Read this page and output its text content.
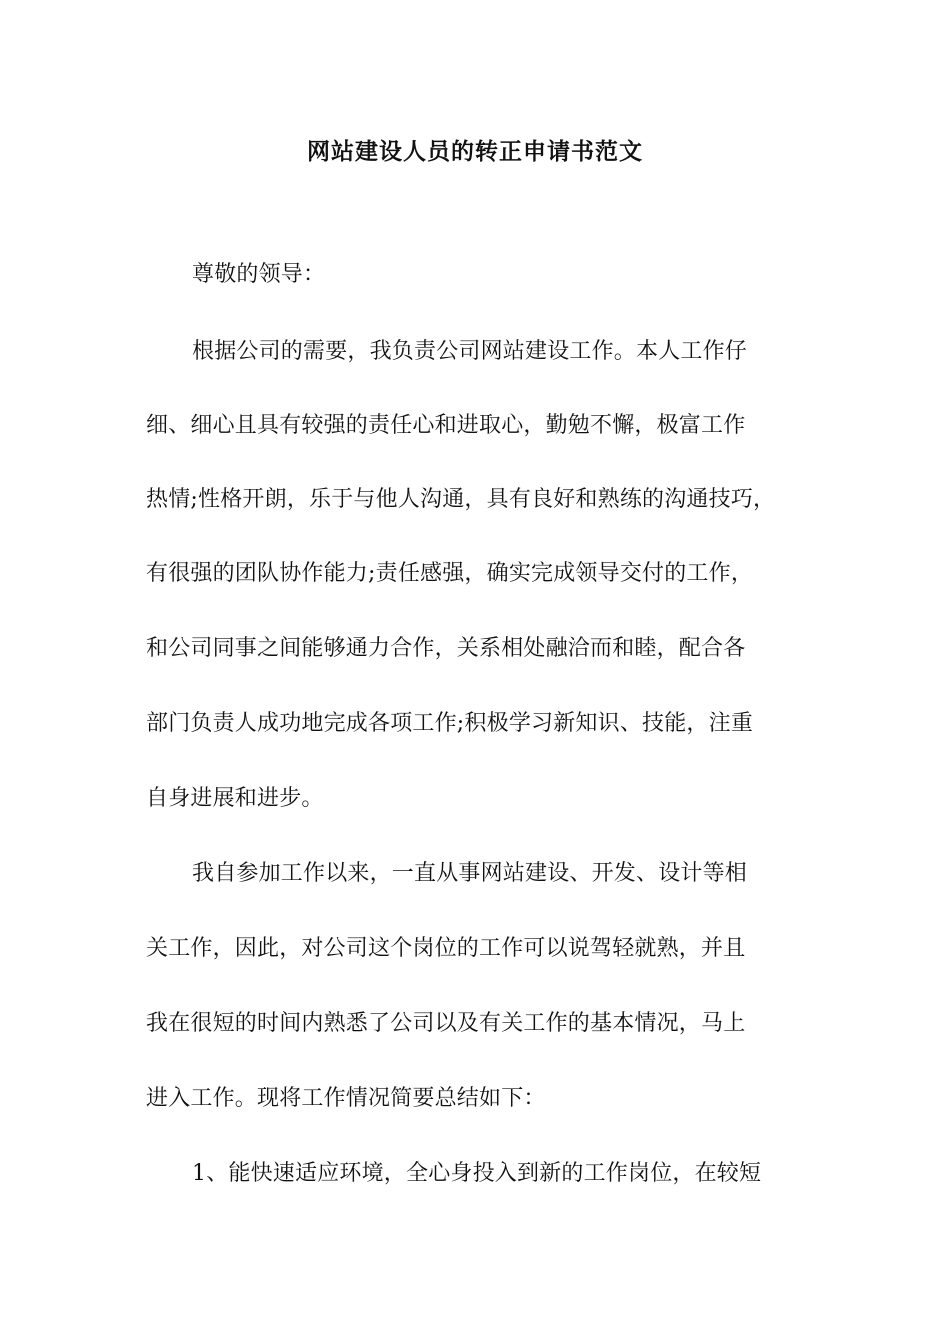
网站建设人员的转正申请书范文
尊敬的领导：
根据公司的需要，我负责公司网站建设工作。本人工作仔
细、细心且具有较强的责任心和进取心，勤勉不懈，极富工作
热情;性格开朗，乐于与他人沟通，具有良好和熟练的沟通技巧，
有很强的团队协作能力;责任感强，确实完成领导交付的工作，
和公司同事之间能够通力合作，关系相处融洽而和睦，配合各
部门负责人成功地完成各项工作;积极学习新知识、技能，注重
自身进展和进步。
我自参加工作以来，一直从事网站建设、开发、设计等相
关工作，因此，对公司这个岗位的工作可以说驾轻就熟，并且
我在很短的时间内熟悉了公司以及有关工作的基本情况，马上
进入工作。现将工作情况简要总结如下：
1、能快速适应环境，全心身投入到新的工作岗位，在较短
